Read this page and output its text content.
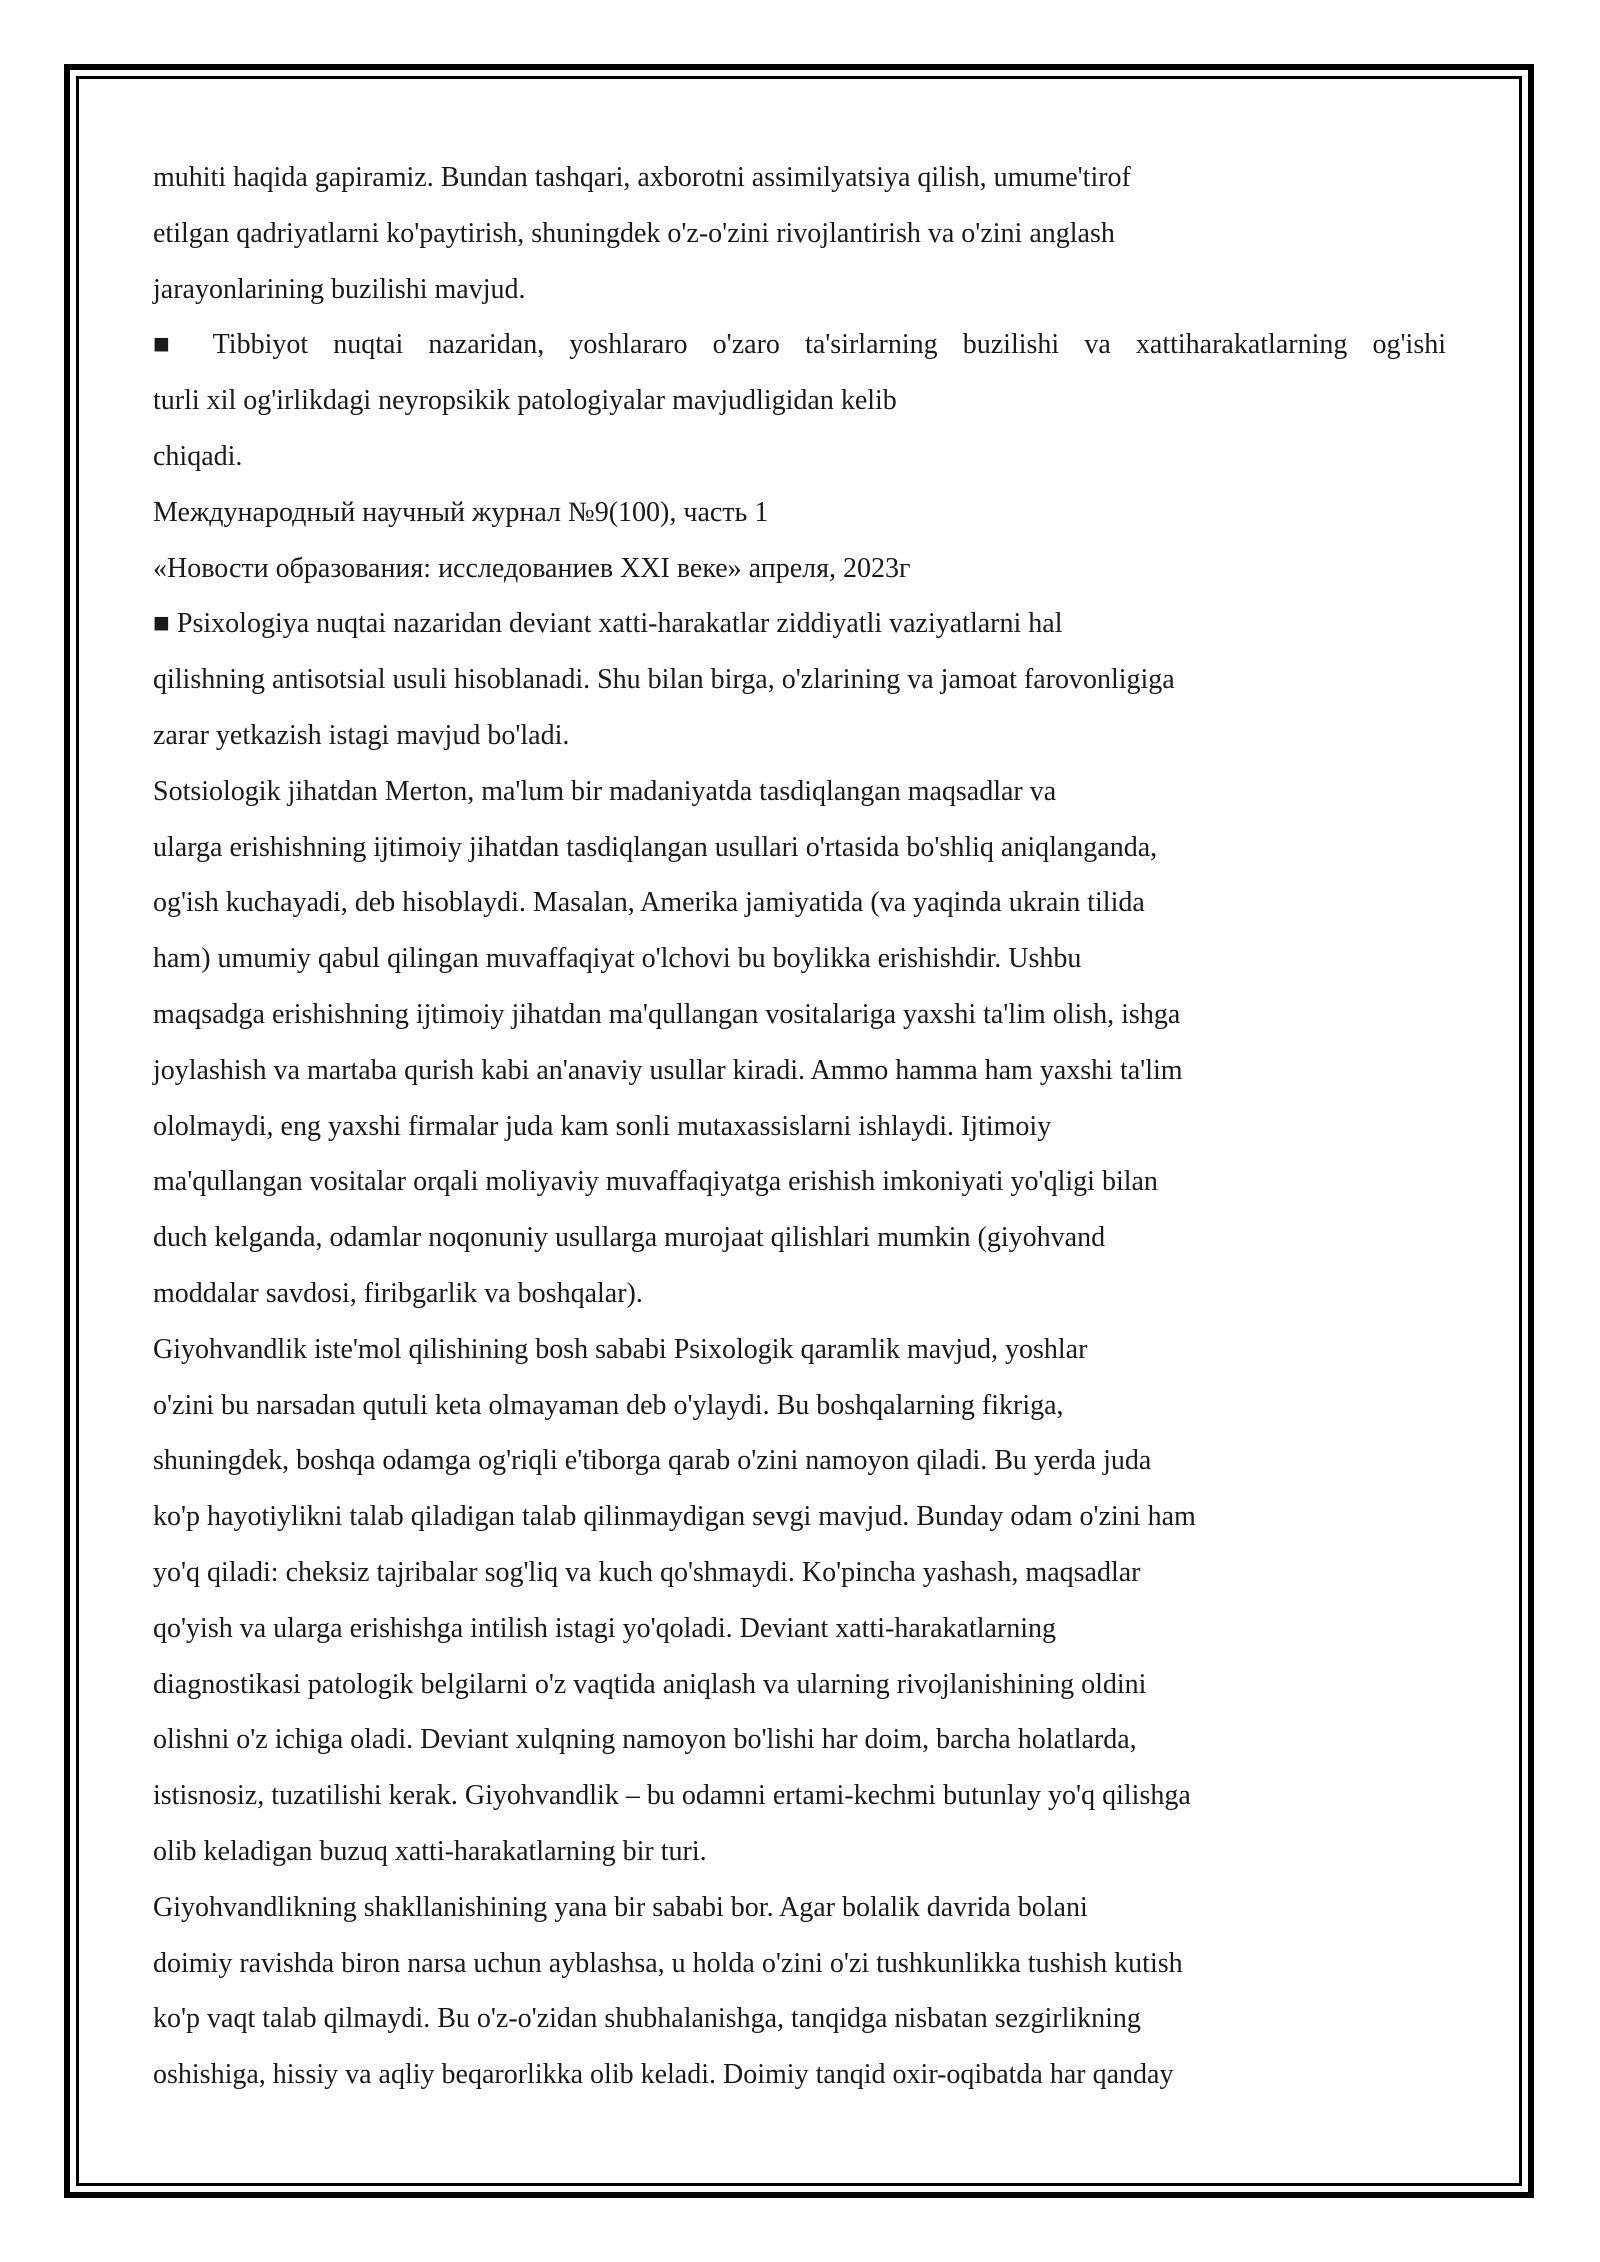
muhiti haqida gapiramiz. Bundan tashqari, axborotni assimilyatsiya qilish, umume'tirof
etilgan qadriyatlarni ko'paytirish, shuningdek o'z-o'zini rivojlantirish va o'zini anglash
jarayonlarining buzilishi mavjud.
■ Tibbiyot nuqtai nazaridan, yoshlararo o'zaro ta'sirlarning buzilishi va xattiharakatlarning og'ishi
turli xil og'irlikdagi neyropsikik patologiyalar mavjudligidan kelib
chiqadi.
Международный научный журнал №9(100), часть 1
«Новости образования: исследованиев XXI веке» апреля, 2023г
■ Psixologiya nuqtai nazaridan deviant xatti-harakatlar ziddiyatli vaziyatlarni hal
qilishning antisotsial usuli hisoblanadi. Shu bilan birga, o'zlarining va jamoat farovonligiga
zarar yetkazish istagi mavjud bo'ladi.
Sotsiologik jihatdan Merton, ma'lum bir madaniyatda tasdiqlangan maqsadlar va
ularga erishishning ijtimoiy jihatdan tasdiqlangan usullari o'rtasida bo'shliq aniqlanganda,
og'ish kuchayadi, deb hisoblaydi. Masalan, Amerika jamiyatida (va yaqinda ukrain tilida
ham) umumiy qabul qilingan muvaffaqiyat o'lchovi bu boylikka erishishdir. Ushbu
maqsadga erishishning ijtimoiy jihatdan ma'qullangan vositalariga yaxshi ta'lim olish, ishga
joylashish va martaba qurish kabi an'anaviy usullar kiradi. Ammo hamma ham yaxshi ta'lim
ololmaydi, eng yaxshi firmalar juda kam sonli mutaxassislarni ishlaydi. Ijtimoiy
ma'qullangan vositalar orqali moliyaviy muvaffaqiyatga erishish imkoniyati yo'qligi bilan
duch kelganda, odamlar noqonuniy usullarga murojaat qilishlari mumkin (giyohvand
moddalar savdosi, firibgarlik va boshqalar).
Giyohvandlik iste'mol qilishining bosh sababi Psixologik qaramlik mavjud, yoshlar
o'zini bu narsadan qutuli keta olmayaman deb o'ylaydi. Bu boshqalarning fikriga,
shuningdek, boshqa odamga og'riqli e'tiborga qarab o'zini namoyon qiladi. Bu yerda juda
ko'p hayotiylikni talab qiladigan talab qilinmaydigan sevgi mavjud. Bunday odam o'zini ham
yo'q qiladi: cheksiz tajribalar sog'liq va kuch qo'shmaydi. Ko'pincha yashash, maqsadlar
qo'yish va ularga erishishga intilish istagi yo'qoladi. Deviant xatti-harakatlarning
diagnostikasi patologik belgilarni o'z vaqtida aniqlash va ularning rivojlanishining oldini
olishni o'z ichiga oladi. Deviant xulqning namoyon bo'lishi har doim, barcha holatlarda,
istisnosiz, tuzatilishi kerak. Giyohvandlik – bu odamni ertami-kechmi butunlay yo'q qilishga
olib keladigan buzuq xatti-harakatlarning bir turi.
Giyohvandlikning shakllanishining yana bir sababi bor. Agar bolalik davrida bolani
doimiy ravishda biron narsa uchun ayblashsa, u holda o'zini o'zi tushkunlikka tushish kutish
ko'p vaqt talab qilmaydi. Bu o'z-o'zidan shubhalanishga, tanqidga nisbatan sezgirlikning
oshishiga, hissiy va aqliy beqarorlikka olib keladi. Doimiy tanqid oxir-oqibatda har qanday
